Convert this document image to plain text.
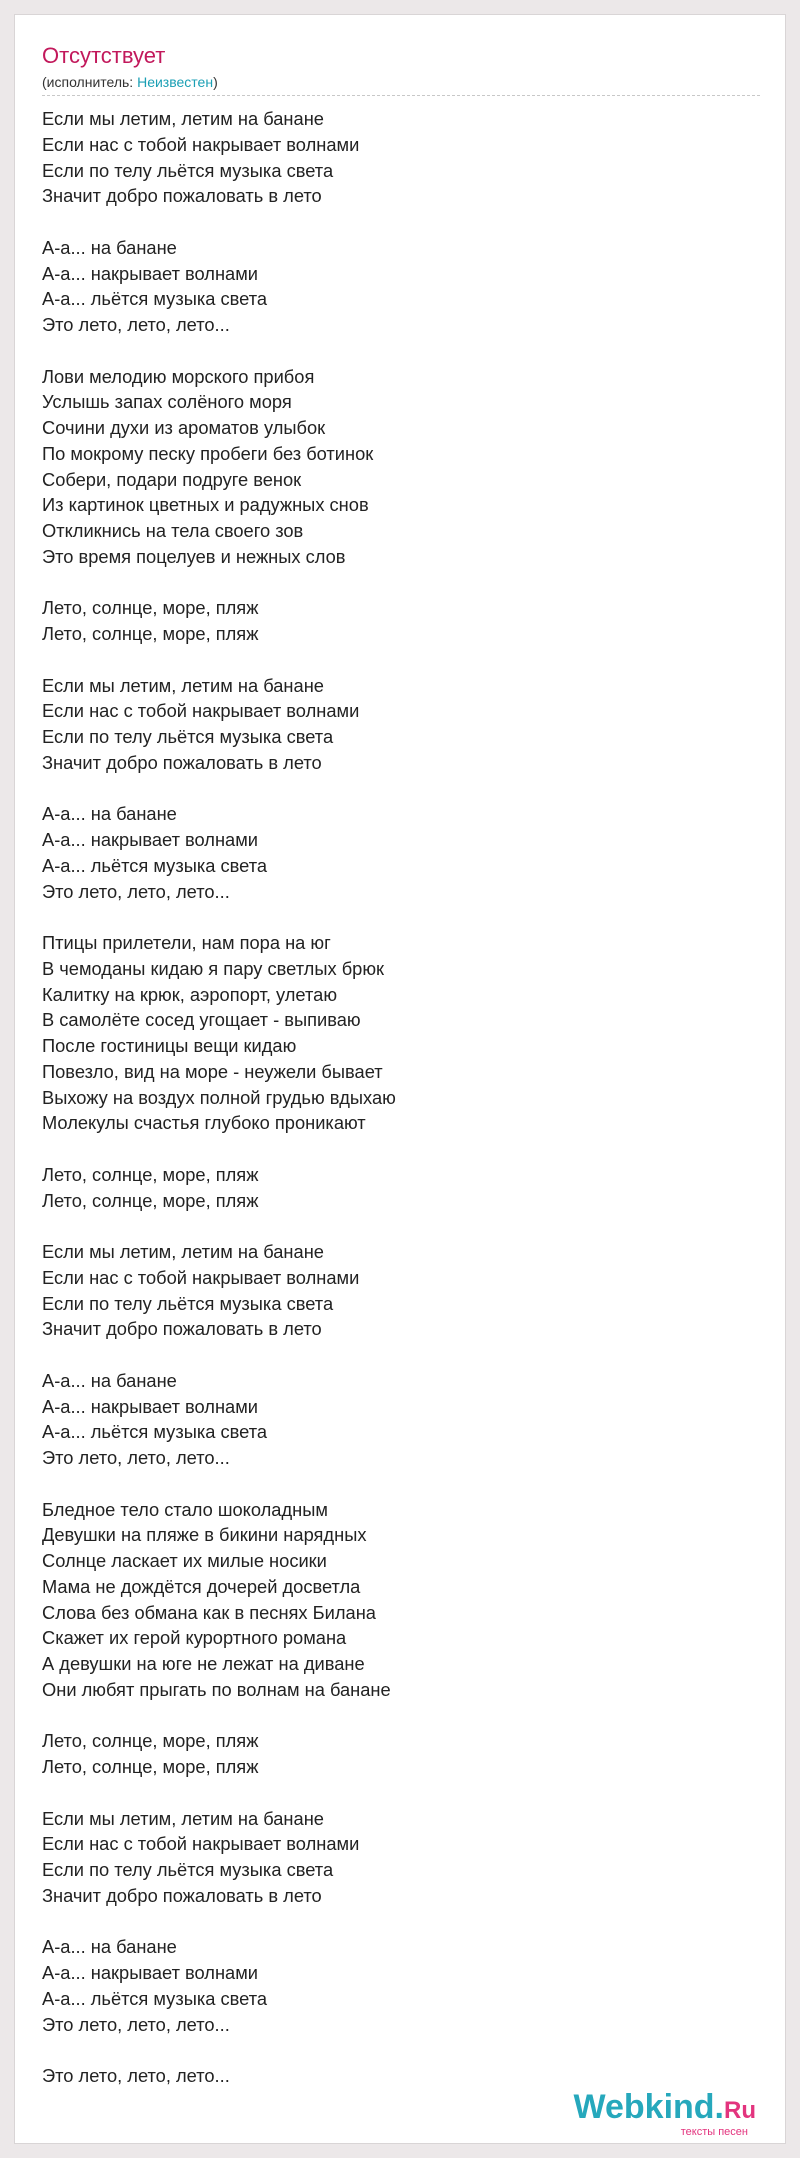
Отсутствует
(исполнитель: Неизвестен)
Если мы летим, летим на банане
Если нас с тобой накрывает волнами
Если по телу льётся музыка света
Значит добро пожаловать в лето
А-а... на банане
А-а... накрывает волнами
А-а... льётся музыка света
Это лето, лето, лето...
Лови мелодию морского прибоя
Услышь запах солёного моря
Сочини духи из ароматов улыбок
По мокрому песку пробеги без ботинок
Собери, подари подруге венок
Из картинок цветных и радужных снов
Откликнись на тела своего зов
Это время поцелуев и нежных слов
Лето, солнце, море, пляж
Лето, солнце, море, пляж
Если мы летим, летим на банане
Если нас с тобой накрывает волнами
Если по телу льётся музыка света
Значит добро пожаловать в лето
А-а... на банане
А-а... накрывает волнами
А-а... льётся музыка света
Это лето, лето, лето...
Птицы прилетели, нам пора на юг
В чемоданы кидаю я пару светлых брюк
Калитку на крюк, аэропорт, улетаю
В самолёте сосед угощает - выпиваю
После гостиницы вещи кидаю
Повезло, вид на море - неужели бывает
Выхожу на воздух полной грудью вдыхаю
Молекулы счастья глубоко проникают
Лето, солнце, море, пляж
Лето, солнце, море, пляж
Если мы летим, летим на банане
Если нас с тобой накрывает волнами
Если по телу льётся музыка света
Значит добро пожаловать в лето
А-а... на банане
А-а... накрывает волнами
А-а... льётся музыка света
Это лето, лето, лето...
Бледное тело стало шоколадным
Девушки на пляже в бикини нарядных
Солнце ласкает их милые носики
Мама не дождётся дочерей досветла
Слова без обмана как в песнях Билана
Скажет их герой курортного романа
А девушки на юге не лежат на диване
Они любят прыгать по волнам на банане
Лето, солнце, море, пляж
Лето, солнце, море, пляж
Если мы летим, летим на банане
Если нас с тобой накрывает волнами
Если по телу льётся музыка света
Значит добро пожаловать в лето
А-а... на банане
А-а... накрывает волнами
А-а... льётся музыка света
Это лето, лето, лето...
Это лето, лето, лето...
Webkind.Ru
тексты песен
